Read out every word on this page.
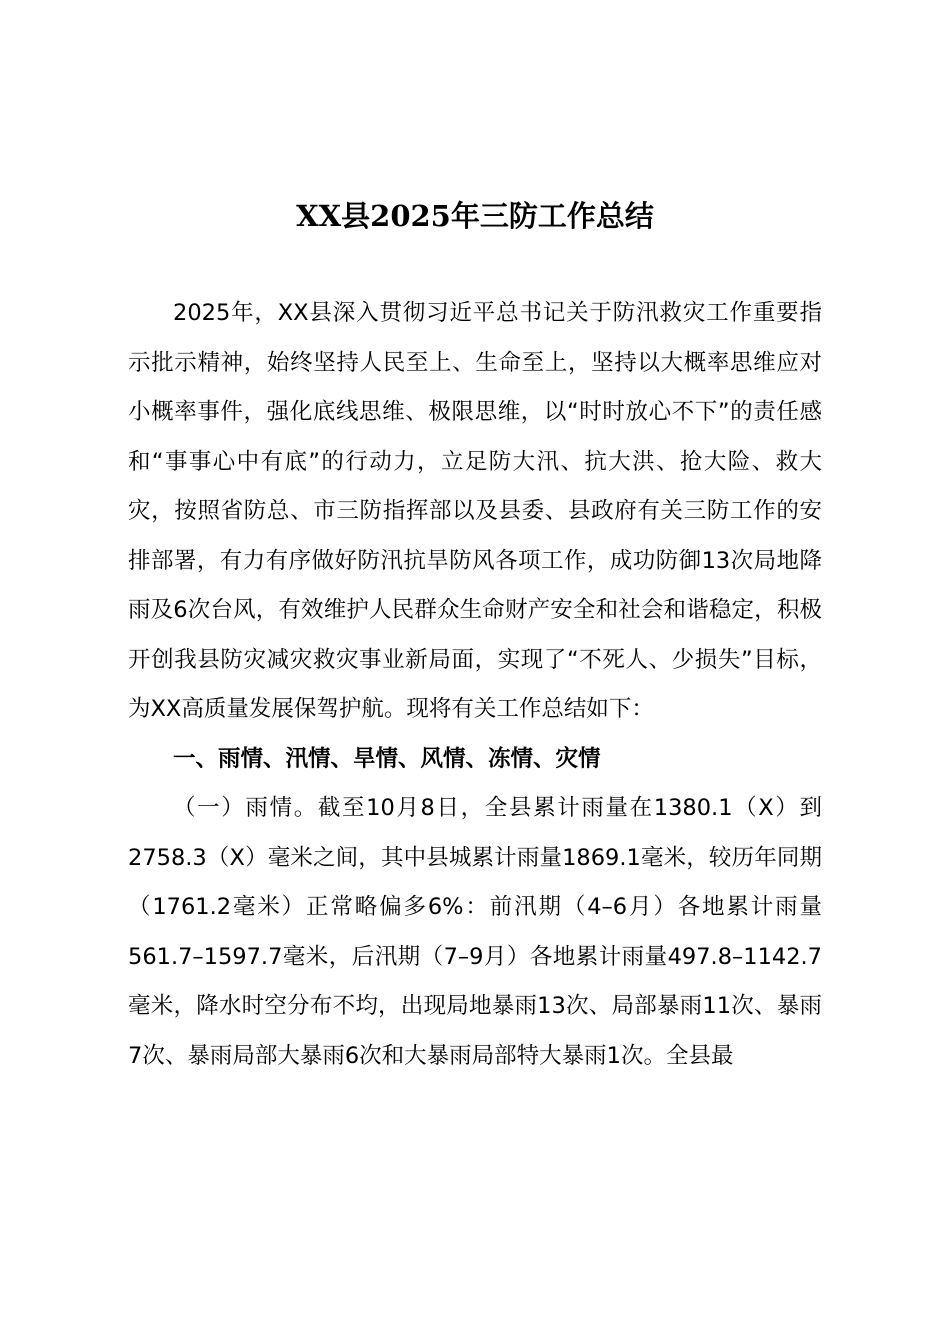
XX县2025年三防工作总结

2025年，XX县深入贯彻习近平总书记关于防汛救灾工作重要指示批示精神，始终坚持人民至上、生命至上，坚持以大概率思维应对小概率事件，强化底线思维、极限思维，以“时时放心不下”的责任感和“事事心中有底”的行动力，立足防大汛、抗大洪、抢大险、救大灾，按照省防总、市三防指挥部以及县委、县政府有关三防工作的安排部署，有力有序做好防汛抗旱防风各项工作，成功防御13次局地降雨及6次台风，有效维护人民群众生命财产安全和社会和谐稳定，积极开创我县防灾减灾救灾事业新局面，实现了“不死人、少损失”目标，为XX高质量发展保驾护航。现将有关工作总结如下：

一、雨情、汛情、旱情、风情、冻情、灾情

（一）雨情。截至10月8日，全县累计雨量在1380.1（X）到2758.3（X）毫米之间，其中县城累计雨量1869.1毫米，较历年同期（1761.2毫米）正常略偏多6%：前汛期（4–6月）各地累计雨量561.7–1597.7毫米，后汛期（7–9月）各地累计雨量497.8–1142.7毫米，降水时空分布不均，出现局地暴雨13次、局部暴雨11次、暴雨7次、暴雨局部大暴雨6次和大暴雨局部特大暴雨1次。全县最
